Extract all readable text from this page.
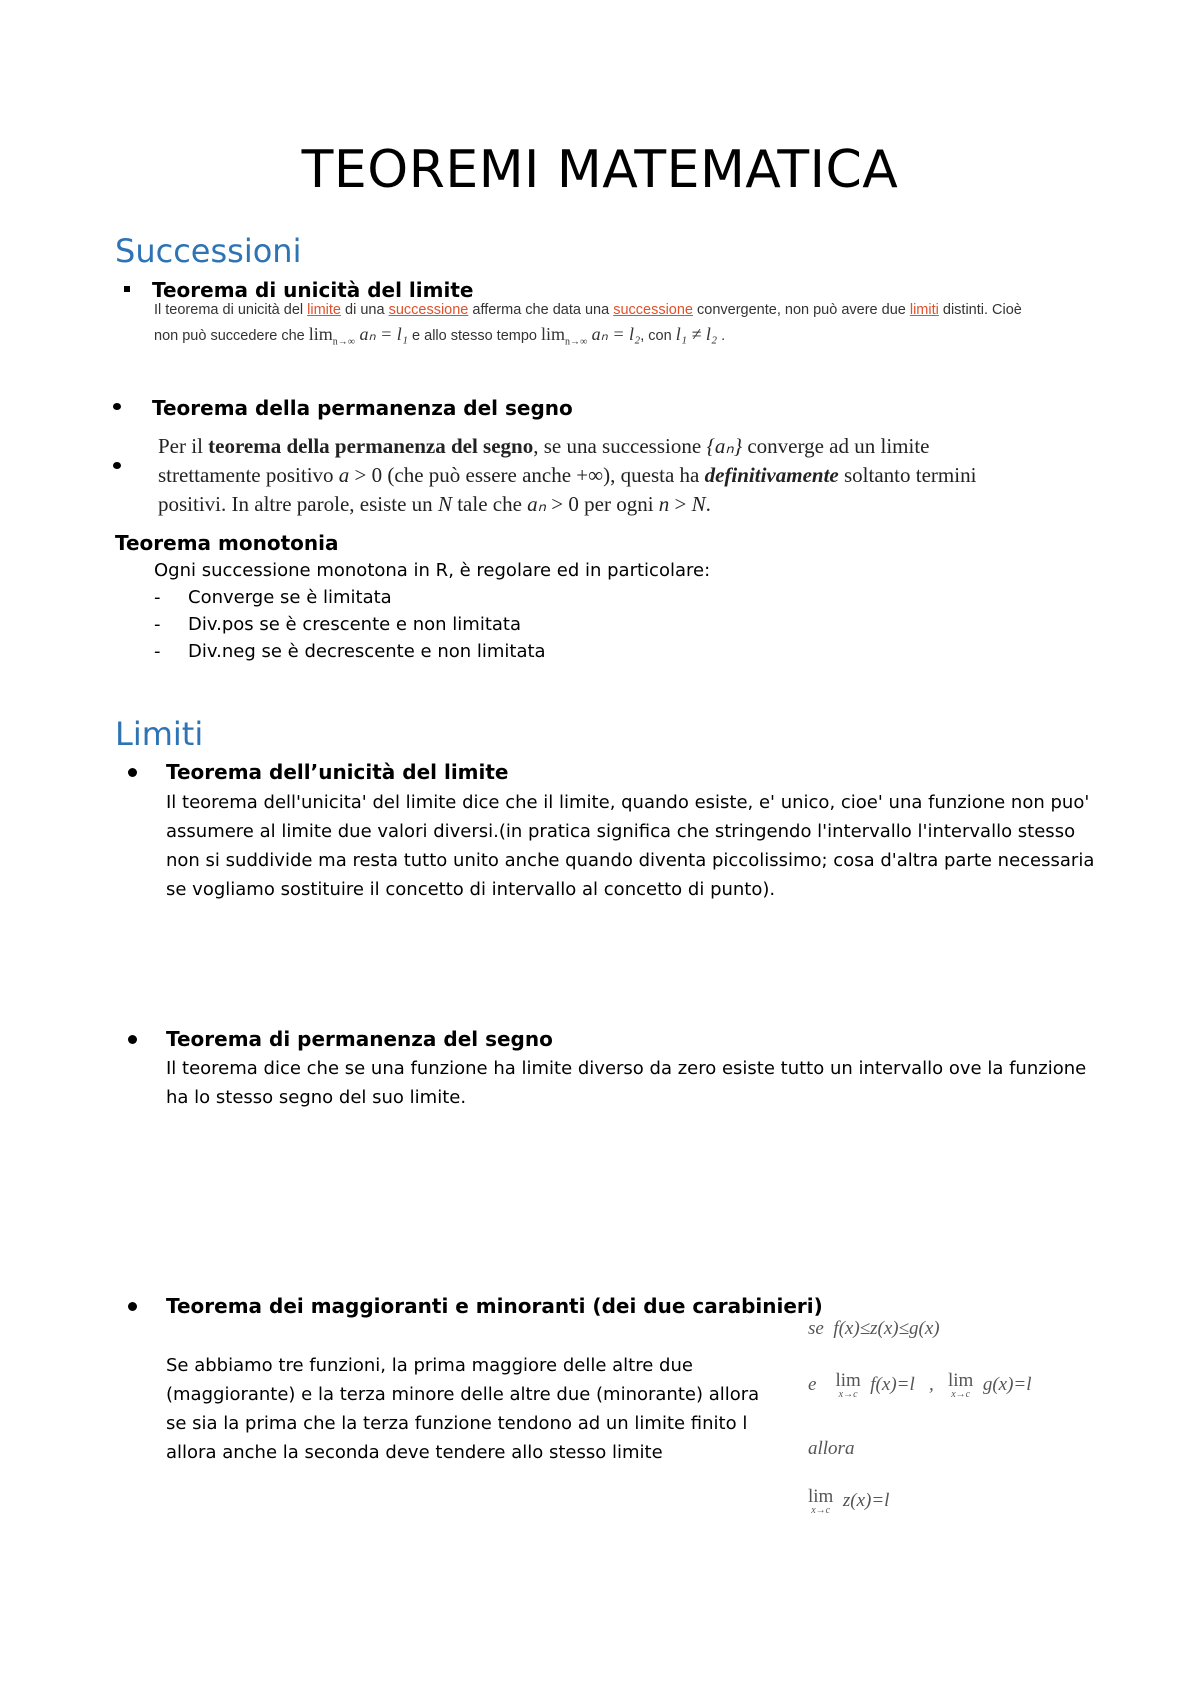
TEOREMI MATEMATICA
Successioni
Teorema di unicità del limite
Il teorema di unicità del limite di una successione afferma che data una successione convergente, non può avere due limiti distinti. Cioè
non può succedere che $\lim_{n\to\infty} a_n = l_1$ e allo stesso tempo $\lim_{n\to\infty} a_n = l_2$, con l₁ ≠ l₂ .
Teorema della permanenza del segno
Per il teorema della permanenza del segno, se una successione {aₙ} converge ad un limite
strettamente positivo a > 0 (che può essere anche +∞), questa ha definitivamente soltanto termini
positivi. In altre parole, esiste un N tale che aₙ > 0 per ogni n > N.
Teorema monotonia
Ogni successione monotona in R, è regolare ed in particolare:
- Converge se è limitata
- Div.pos se è crescente e non limitata
- Div.neg se è decrescente e non limitata
Limiti
Teorema dell’unicità del limite
Il teorema dell'unicita' del limite dice che il limite, quando esiste, e' unico, cioe' una funzione non puo'
assumere al limite due valori diversi.(in pratica significa che stringendo l'intervallo l'intervallo stesso
non si suddivide ma resta tutto unito anche quando diventa piccolissimo; cosa d'altra parte necessaria
se vogliamo sostituire il concetto di intervallo al concetto di punto).
Teorema di permanenza del segno
Il teorema dice che se una funzione ha limite diverso da zero esiste tutto un intervallo ove la funzione
ha lo stesso segno del suo limite.
Teorema dei maggioranti e minoranti (dei due carabinieri)
Se abbiamo tre funzioni, la prima maggiore delle altre due
(maggiorante) e la terza minore delle altre due (minorante) allora
se sia la prima che la terza funzione tendono ad un limite finito l
allora anche la seconda deve tendere allo stesso limite
se f(x)≤z(x)≤g(x)
e lim
x→c f(x)=l , lim
x→c g(x)=l
allora
lim
x→c z(x)=l
